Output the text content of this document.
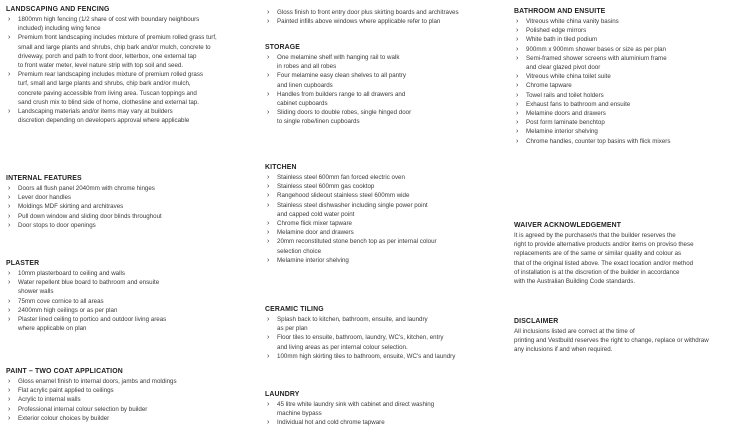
LANDSCAPING AND FENCING
›	1800mm high fencing (1/2 share of cost with boundary neighbours
included) including wing fence
›	Premium front landscaping includes mixture of premium rolled grass turf,
small and large plants and shrubs, chip bark and/or mulch, concrete to
driveway, porch and path to front door, letterbox, one external tap
to front water meter, level nature strip with top soil and seed.
›	Premium rear landscaping includes mixture of premium rolled grass
turf, small and large plants and shrubs, chip bark and/or mulch,
concrete paving accessible from living area. Tuscan toppings and
sand crush mix to blind side of home, clothesline and external tap.
›	Landscaping materials and/or items may vary at builders
discretion depending on developers approval where applicable
INTERNAL FEATURES
›	Doors all flush panel 2040mm with chrome hinges
›	Lever door handles
›	Moldings MDF skirting and architraves
›	Pull down window and sliding door blinds throughout
›	Door stops to door openings
PLASTER
›	10mm plasterboard to ceiling and walls
›	Water repellent blue board to bathroom and ensuite
shower walls
›	75mm cove cornice to all areas
›	2400mm high ceilings or as per plan
›	Plaster lined ceiling to portico and outdoor living areas
where applicable on plan
PAINT – TWO COAT APPLICATION
›	Gloss enamel finish to internal doors, jambs and moldings
›	Flat acrylic paint applied to ceilings
›	Acrylic to internal walls
›	Professional internal colour selection by builder
›	Exterior colour choices by builder
›	Gloss finish to front entry door plus skirting boards and architraves
›	Painted infills above windows where applicable refer to plan
STORAGE
›	One melamine shelf with hanging rail to walk
in robes and all robes
›	Four melamine easy clean shelves to all pantry
and linen cupboards
›	Handles from builders range to all drawers and
cabinet cupboards
›	Sliding doors to double robes, single hinged door
to single robe/linen cupboards
KITCHEN
›	Stainless steel 600mm fan forced electric oven
›	Stainless steel 600mm gas cooktop
›	Rangehood slideout stainless steel 600mm wide
›	Stainless steel dishwasher including single power point
and capped cold water point
›	Chrome flick mixer tapware
›	Melamine door and drawers
›	20mm reconstituted stone bench top as per internal colour
selection choice
›	Melamine interior shelving
CERAMIC TILING
›	Splash back to kitchen, bathroom, ensuite, and laundry
as per plan
›	Floor tiles to ensuite, bathroom, laundry, WC's, kitchen, entry
and living areas as per internal colour selection.
›	100mm high skirting tiles to bathroom, ensuite, WC's and laundry
LAUNDRY
›	45 litre white laundry sink with cabinet and direct washing
machine bypass
›	Individual hot and cold chrome tapware
BATHROOM AND ENSUITE
›	Vitreous white china vanity basins
›	Polished edge mirrors
›	White bath in tiled podium
›	900mm x 900mm shower bases or size as per plan
›	Semi-framed shower screens with aluminium frame
and clear glazed pivot door
›	Vitreous white china toilet suite
›	Chrome tapware
›	Towel rails and toilet holders
›	Exhaust fans to bathroom and ensuite
›	Melamine doors and drawers
›	Post form laminate benchtop
›	Melamine interior shelving
›	Chrome handles, counter top basins with flick mixers
WAIVER ACKNOWLEDGEMENT
It is agreed by the purchaser/s that the builder reserves the
right to provide alternative products and/or items on proviso these
replacements are of the same or similar quality and colour as
that of the original listed above. The exact location and/or method
of installation is at the discretion of the builder in accordance
with the Australian Building Code standards.
DISCLAIMER
All inclusions listed are correct at the time of
printing and Vestbuild reserves the right to change, replace or withdraw
any inclusions if and when required.
